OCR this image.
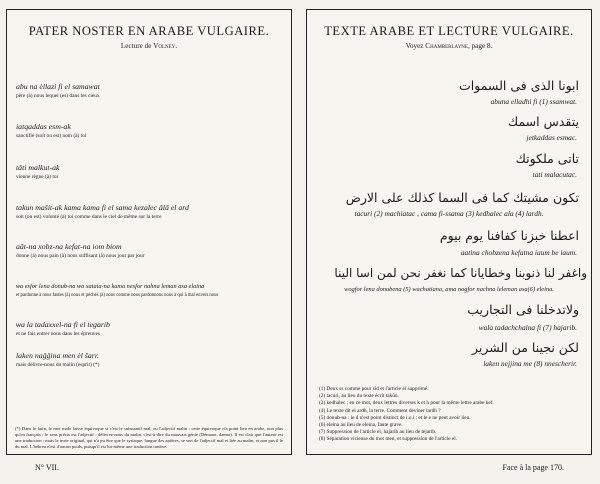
PATER NOSTER EN ARABE VULGAIRE.
Lecture de Volney.
abu na èllazi fi el samawat
père (à) nous lequel (es) dans les cieux
iatqaddas esm-ak
sanctifié (soit ou est) nom (à) toi
tâti malkut-ak
vienne règne (à) toi
takun maŝit-ak kama kama fi el sama kezalec âlâ el ard
soit (ou est) volonté (à) toi comme dans le ciel de même sur la terre
aât-na xobz-na kefat-na iom biom
donne (à) nous pain (à) nous suffisant (à) nous jour par jour
ѡa esfor lena donub-na ѡa xataia-na kama nesfor nahna leman asa elaina
et pardonne à nous fautes (à) nous et péchés (à) nous comme nous pardonnons nous à qui à mal envers nous
ѡa la tadaxxel-na fi el tegarib
et ne fais entrer nous dans les épreuves
laken naǧǧina men èl šarr.
mais délivre-nous du malin (esprit) (*)
(*) Dans le latin, le mot malo laisse équivoque si c'est le substantif mal, ou l'adjectif malin : cette équivoque n'a point lieu en arabe, non plus qu'en français ; le sens précis est l'adjectif : délivrez-nous du malin, c'est-à-dire du mauvais génie (Démone, dæmo). Il est clair que l'auteur est une traduction ; mais le texte original, qui n'a pu être que le syriaque, langue des apôtres, se sert de l'adjectif mal et liée au malin, et non pas il le du mal. L'hébreu n'est d'aucun poids, puisqu'il est lui-même une traduction tardive.
TEXTE ARABE ET LECTURE VULGAIRE.
Voyez Chamberlayne, page 8.
ابونا الذى فى السموات
abuna elladhi fi (1) ssamwat.
يتقدس اسمك
jetkaddas esmac.
تاتى ملكوتك
tati malacutac.
تكون مشيتك كما فى السما كذلك على الارض
tacuri (2) machiatac , cama fi-ssama (3) kedhalec ala (4) lardh.
اعطنا خبزنا كفافنا يوم بيوم
aatina chobzena kefatna iaum be iaum.
واغفر لنا ذنوبنا وخطايانا كما نغفر نحن لمن اسا الينا
wogfor lena donubena (5) wachatiana, ama nogfor nachna leleman asa(6) eleina.
ولاتدخلنا فى التجاريب
wala tadachchalna fi (7) hajarib.
لكن نجينا من الشرير
laken nejjina me (8) nnescherir.
(1) Deux ss comme pour sîd et l'article el supprimé.
(2) tacuri, au lieu du texte écrit takûn.
(3) kedhalec ; en ce mot, deux lettres diverses k et h pour la même lettre arabe kef.
(4) Le texte dit el ardh, la terre. Comment deviner lardh ?
(5) donub-na : le d n'est point distinct de i.o.i ; et le e ne peut avoir lieu.
(6) eleina au lieu de eleina, faute grave.
(7) Suppression de l'article el, hajarib au lieu de tejarib.
(8) Séparation vicieuse du mot men, et suppression de l'article el.
N° VII.	Face à la page 170.
